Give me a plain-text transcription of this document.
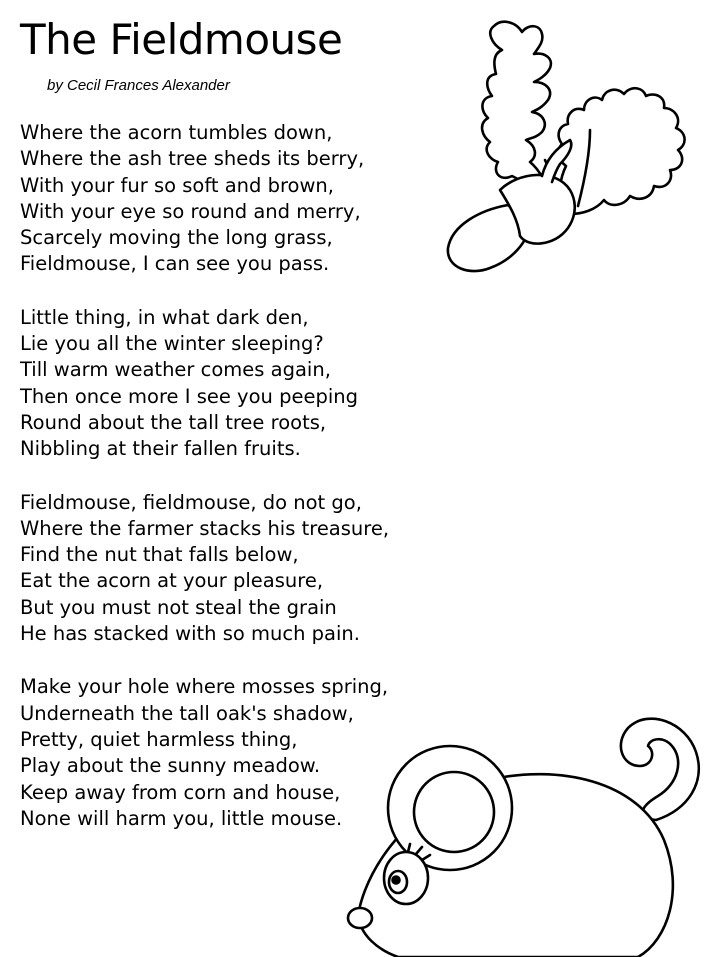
The Fieldmouse
by Cecil Frances Alexander
Where the acorn tumbles down,
Where the ash tree sheds its berry,
With your fur so soft and brown,
With your eye so round and merry,
Scarcely moving the long grass,
Fieldmouse, I can see you pass.
Little thing, in what dark den,
Lie you all the winter sleeping?
Till warm weather comes again,
Then once more I see you peeping
Round about the tall tree roots,
Nibbling at their fallen fruits.
Fieldmouse, fieldmouse, do not go,
Where the farmer stacks his treasure,
Find the nut that falls below,
Eat the acorn at your pleasure,
But you must not steal the grain
He has stacked with so much pain.
Make your hole where mosses spring,
Underneath the tall oak's shadow,
Pretty, quiet harmless thing,
Play about the sunny meadow.
Keep away from corn and house,
None will harm you, little mouse.
